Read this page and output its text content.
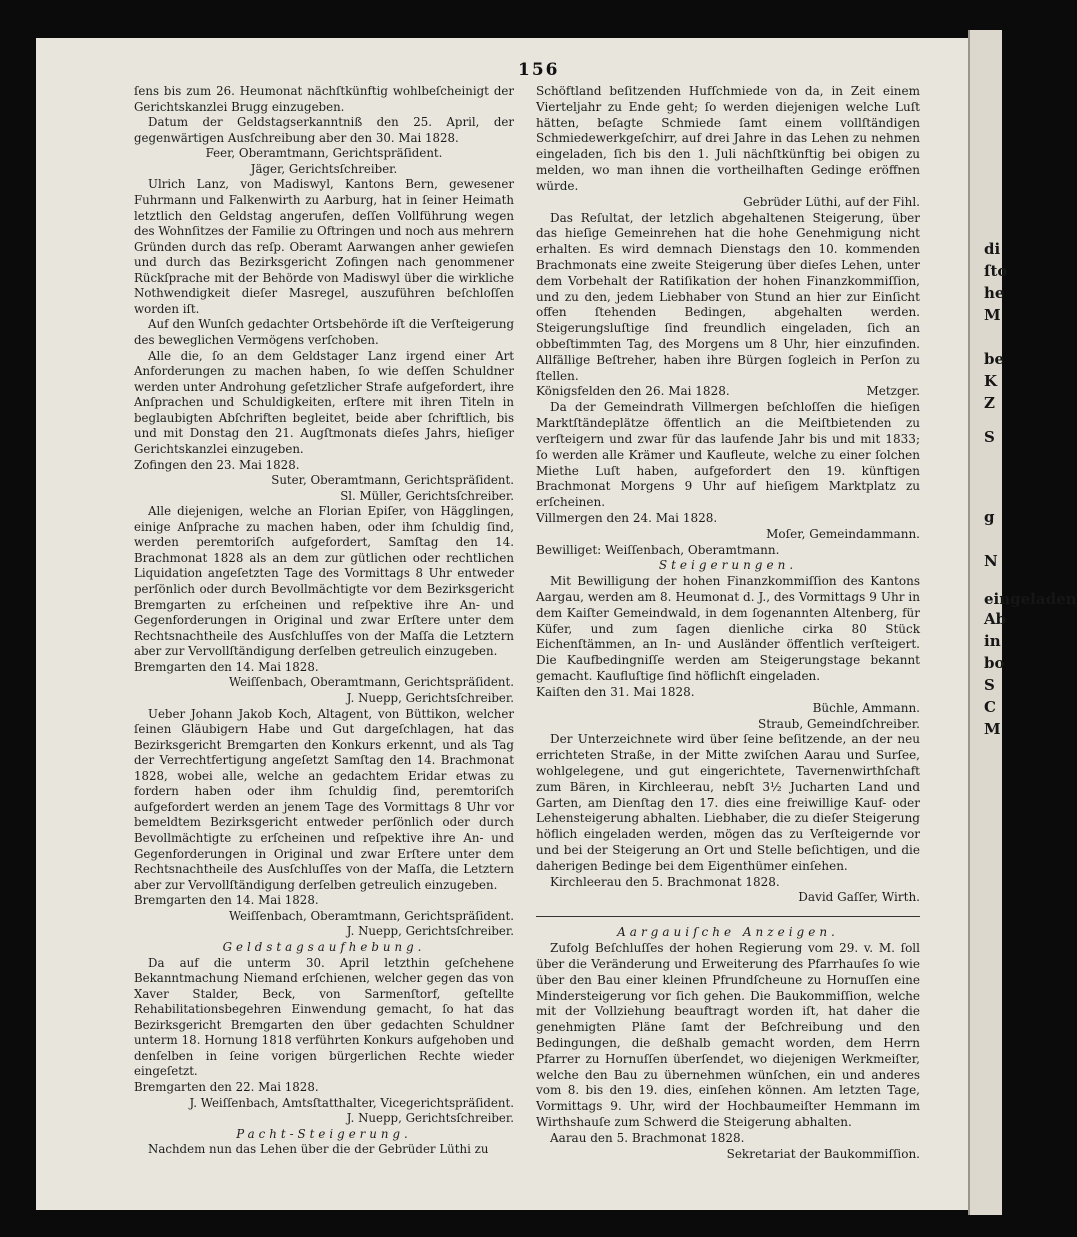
156

ſens bis zum 26. Heumonat nächſtkünftig wohlbeſcheinigt der Gerichtskanzlei Brugg einzugeben.

Datum der Geldstagserkanntniß den 25. April, der gegenwärtigen Ausſchreibung aber den 30. Mai 1828.

Feer, Oberamtmann, Gerichtspräſident.

Jäger, Gerichtsſchreiber.

Ulrich Lanz, von Madiswyl, Kantons Bern, gewesener Fuhrmann und Falkenwirth zu Aarburg, hat in ſeiner Heimath letztlich den Geldstag angerufen, deſſen Vollführung wegen des Wohnſitzes der Familie zu Oftringen und noch aus mehrern Gründen durch das reſp. Oberamt Aarwangen anher gewieſen und durch das Bezirksgericht Zofingen nach genommener Rückſprache mit der Behörde von Madiswyl über die wirkliche Nothwendigkeit dieſer Masregel, auszuführen beſchloſſen worden iſt.

Auf den Wunſch gedachter Ortsbehörde iſt die Verſteigerung des beweglichen Vermögens verſchoben.

Alle die, ſo an dem Geldstager Lanz irgend einer Art Anforderungen zu machen haben, ſo wie deſſen Schuldner werden unter Androhung geſetzlicher Strafe aufgefordert, ihre Anſprachen und Schuldigkeiten, erſtere mit ihren Titeln in beglaubigten Abſchriften begleitet, beide aber ſchriftlich, bis und mit Donstag den 21. Augſtmonats dieſes Jahrs, hieſiger Gerichtskanzlei einzugeben.

Zofingen den 23. Mai 1828.

Suter, Oberamtmann, Gerichtspräſident.

Sl. Müller, Gerichtsſchreiber.

Alle diejenigen, welche an Florian Epiſer, von Hägglingen, einige Anſprache zu machen haben, oder ihm ſchuldig ſind, werden peremtoriſch aufgefordert, Samſtag den 14. Brachmonat 1828 als an dem zur gütlichen oder rechtlichen Liquidation angeſetzten Tage des Vormittags 8 Uhr entweder perſönlich oder durch Bevollmächtigte vor dem Bezirksgericht Bremgarten zu erſcheinen und reſpektive ihre An- und Gegenforderungen in Original und zwar Erſtere unter dem Rechtsnachtheile des Ausſchluſſes von der Maſſa die Letztern aber zur Vervollſtändigung derſelben getreulich einzugeben.

Bremgarten den 14. Mai 1828.

Weiſſenbach, Oberamtmann, Gerichtspräſident.

J. Nuepp, Gerichtsſchreiber.

Ueber Johann Jakob Koch, Altagent, von Büttikon, welcher ſeinen Gläubigern Habe und Gut dargeſchlagen, hat das Bezirksgericht Bremgarten den Konkurs erkennt, und als Tag der Verrechtfertigung angeſetzt Samſtag den 14. Brachmonat 1828, wobei alle, welche an gedachtem Eridar etwas zu fordern haben oder ihm ſchuldig ſind, peremtoriſch aufgefordert werden an jenem Tage des Vormittags 8 Uhr vor bemeldtem Bezirksgericht entweder perſönlich oder durch Bevollmächtigte zu erſcheinen und reſpektive ihre An- und Gegenforderungen in Original und zwar Erſtere unter dem Rechtsnachtheile des Ausſchluſſes von der Maſſa, die Letztern aber zur Vervollſtändigung derſelben getreulich einzugeben.

Bremgarten den 14. Mai 1828.

Weiſſenbach, Oberamtmann, Gerichtspräſident.

J. Nuepp, Gerichtsſchreiber.

Geldstagsaufhebung.

Da auf die unterm 30. April letzthin geſchehene Bekanntmachung Niemand erſchienen, welcher gegen das von Xaver Stalder, Beck, von Sarmenſtorf, geſtellte Rehabilitationsbegehren Einwendung gemacht, ſo hat das Bezirksgericht Bremgarten den über gedachten Schuldner unterm 18. Hornung 1818 verführten Konkurs aufgehoben und denſelben in ſeine vorigen bürgerlichen Rechte wieder eingeſetzt.

Bremgarten den 22. Mai 1828.

J. Weiſſenbach, Amtsſtatthalter, Vicegerichtspräſident.

J. Nuepp, Gerichtsſchreiber.

Pacht-Steigerung.

Nachdem nun das Lehen über die der Gebrüder Lüthi zu

Schöftland beſitzenden Hufſchmiede von da, in Zeit einem Vierteljahr zu Ende geht; ſo werden diejenigen welche Luſt hätten, beſagte Schmiede ſamt einem vollſtändigen Schmiedewerkgeſchirr, auf drei Jahre in das Lehen zu nehmen eingeladen, ſich bis den 1. Juli nächſtkünftig bei obigen zu melden, wo man ihnen die vortheilhaften Gedinge eröffnen würde.

Gebrüder Lüthi, auf der Fihl.

Das Reſultat, der letzlich abgehaltenen Steigerung, über das hieſige Gemeinrehen hat die hohe Genehmigung nicht erhalten. Es wird demnach Dienstags den 10. kommenden Brachmonats eine zweite Steigerung über dieſes Lehen, unter dem Vorbehalt der Ratiſikation der hohen Finanzkommiſſion, und zu den, jedem Liebhaber von Stund an hier zur Einſicht offen ſtehenden Bedingen, abgehalten werden. Steigerungsluſtige ſind freundlich eingeladen, ſich an obbeſtimmten Tag, des Morgens um 8 Uhr, hier einzufinden. Allfällige Beſtreher, haben ihre Bürgen ſogleich in Perſon zu ſtellen.

Königsfelden den 26. Mai 1828.	Metzger.

Da der Gemeindrath Villmergen beſchloſſen die hieſigen Marktſtändeplätze öffentlich an die Meiſtbietenden zu verſteigern und zwar für das laufende Jahr bis und mit 1833; ſo werden alle Krämer und Kaufleute, welche zu einer ſolchen Miethe Luſt haben, aufgefordert den 19. künftigen Brachmonat Morgens 9 Uhr auf hieſigem Marktplatz zu erſcheinen.

Villmergen den 24. Mai 1828.

Moſer, Gemeindammann.

Bewilliget: Weiſſenbach, Oberamtmann.

Steigerungen.

Mit Bewilligung der hohen Finanzkommiſſion des Kantons Aargau, werden am 8. Heumonat d. J., des Vormittags 9 Uhr in dem Kaiſter Gemeindwald, in dem ſogenannten Altenberg, für Küfer, und zum ſagen dienliche cirka 80 Stück Eichenſtämmen, an In- und Ausländer öffentlich verſteigert. Die Kaufbedingniſſe werden am Steigerungstage bekannt gemacht. Kaufluſtige ſind höflichſt eingeladen.

Kaiſten den 31. Mai 1828.

Büchle, Ammann.

Straub, Gemeindſchreiber.

Der Unterzeichnete wird über ſeine beſitzende, an der neu errichteten Straße, in der Mitte zwiſchen Aarau und Surſee, wohlgelegene, und gut eingerichtete, Tavernenwirthſchaft zum Bären, in Kirchleerau, nebſt 3½ Jucharten Land und Garten, am Dienſtag den 17. dies eine freiwillige Kauf- oder Lehensteigerung abhalten. Liebhaber, die zu dieſer Steigerung höflich eingeladen werden, mögen das zu Verſteigernde vor und bei der Steigerung an Ort und Stelle beſichtigen, und die daherigen Bedinge bei dem Eigenthümer einſehen.

Kirchleerau den 5. Brachmonat 1828.

David Gaſſer, Wirth.

Aargauiſche Anzeigen.

Zufolg Beſchluſſes der hohen Regierung vom 29. v. M. ſoll über die Veränderung und Erweiterung des Pfarrhauſes ſo wie über den Bau einer kleinen Pfrundſcheune zu Hornuſſen eine Mindersteigerung vor ſich gehen. Die Baukommiſſion, welche mit der Vollziehung beauftragt worden iſt, hat daher die genehmigten Pläne ſamt der Beſchreibung und den Bedingungen, die deßhalb gemacht worden, dem Herrn Pfarrer zu Hornuſſen überſendet, wo diejenigen Werkmeiſter, welche den Bau zu übernehmen wünſchen, ein und anderes vom 8. bis den 19. dies, einſehen können. Am letzten Tage, Vormittags 9. Uhr, wird der Hochbaumeiſter Hemmann im Wirthshauſe zum Schwerd die Steigerung abhalten.

Aarau den 5. Brachmonat 1828.

Sekretariat der Baukommiſſion.

di
ſto
he
M
be
K
Z
S
g
N
eingeladen
Ab
in
bo
S
C
M
